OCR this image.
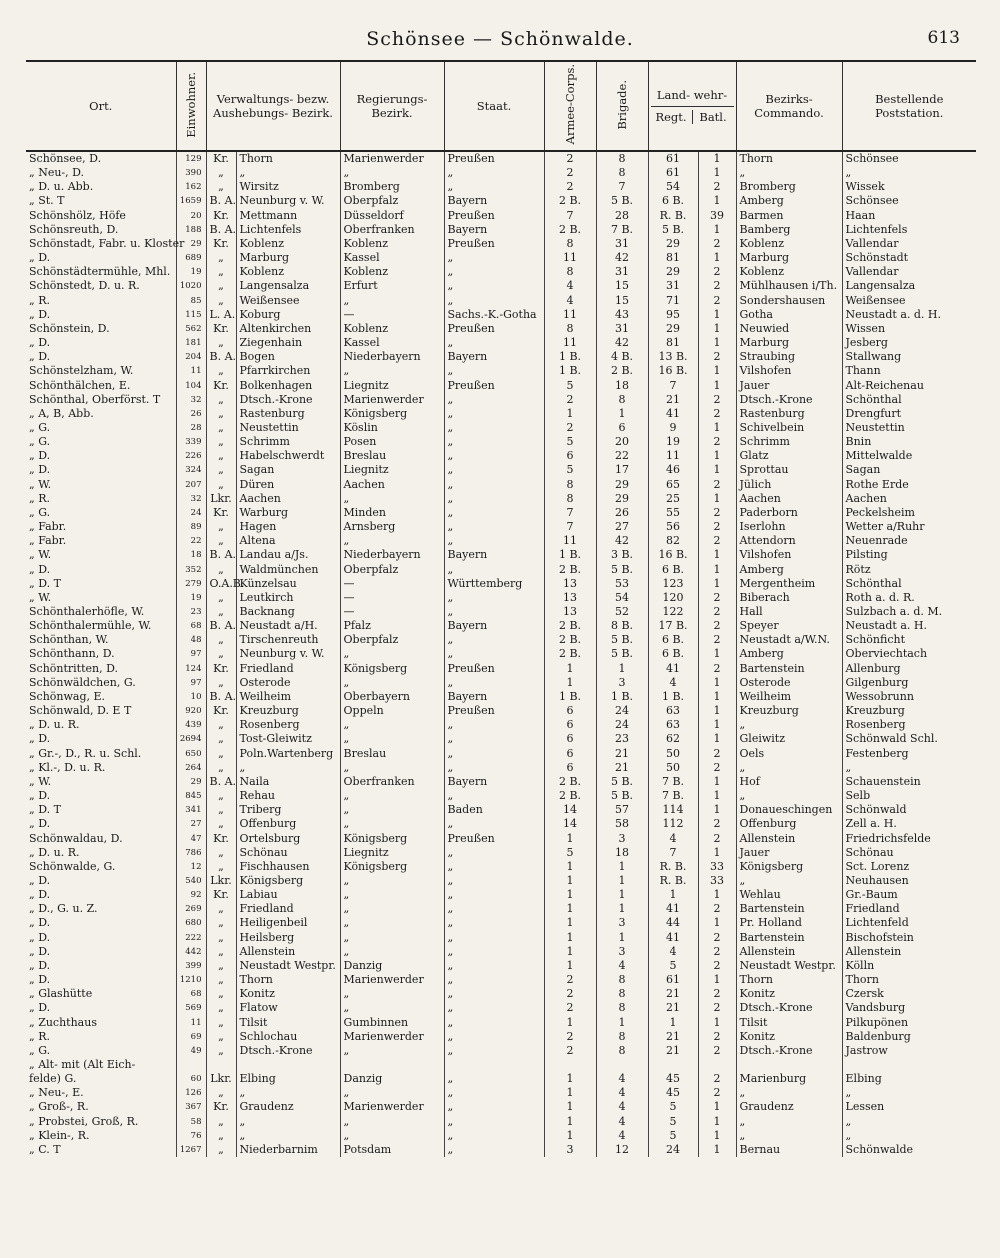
Schönsee — Schönwalde.	613
Ort.	Einwohner.	Verwaltungs- bezw. Aushebungs- Bezirk.		Regierungs- Bezirk.	Staat.	Armee-Corps.	Brigade.	Land- wehr-
Regt. Batl.		Bezirks- Commando.	Bestellende Poststation.
Schönsee, D.	129	Kr.	Thorn	Marienwerder	Preußen	2	8	61	1	Thorn	Schönsee
„ Neu-, D.	390	„	„	„	„	2	8	61	1	„	„
„ D. u. Abb.	162	„	Wirsitz	Bromberg	„	2	7	54	2	Bromberg	Wissek
„ St. T	1659	B. A.	Neunburg v. W.	Oberpfalz	Bayern	2 B.	5 B.	6 B.	1	Amberg	Schönsee
Schönshölz, Höfe	20	Kr.	Mettmann	Düsseldorf	Preußen	7	28	R. B.	39	Barmen	Haan
Schönsreuth, D.	188	B. A.	Lichtenfels	Oberfranken	Bayern	2 B.	7 B.	5 B.	1	Bamberg	Lichtenfels
Schönstadt, Fabr. u. Kloster	29	Kr.	Koblenz	Koblenz	Preußen	8	31	29	2	Koblenz	Vallendar
„ D.	689	„	Marburg	Kassel	„	11	42	81	1	Marburg	Schönstadt
Schönstädtermühle, Mhl.	19	„	Koblenz	Koblenz	„	8	31	29	2	Koblenz	Vallendar
Schönstedt, D. u. R.	1020	„	Langensalza	Erfurt	„	4	15	31	2	Mühlhausen i/Th.	Langensalza
„ R.	85	„	Weißensee	„	„	4	15	71	2	Sondershausen	Weißensee
„ D.	115	L. A.	Koburg	—	Sachs.-K.-Gotha	11	43	95	1	Gotha	Neustadt a. d. H.
Schönstein, D.	562	Kr.	Altenkirchen	Koblenz	Preußen	8	31	29	1	Neuwied	Wissen
„ D.	181	„	Ziegenhain	Kassel	„	11	42	81	1	Marburg	Jesberg
„ D.	204	B. A.	Bogen	Niederbayern	Bayern	1 B.	4 B.	13 B.	2	Straubing	Stallwang
Schönstelzham, W.	11	„	Pfarrkirchen	„	„	1 B.	2 B.	16 B.	1	Vilshofen	Thann
Schönthälchen, E.	104	Kr.	Bolkenhagen	Liegnitz	Preußen	5	18	7	1	Jauer	Alt-Reichenau
Schönthal, Oberförst. T	32	„	Dtsch.-Krone	Marienwerder	„	2	8	21	2	Dtsch.-Krone	Schönthal
„ A, B, Abb.	26	„	Rastenburg	Königsberg	„	1	1	41	2	Rastenburg	Drengfurt
„ G.	28	„	Neustettin	Köslin	„	2	6	9	1	Schivelbein	Neustettin
„ G.	339	„	Schrimm	Posen	„	5	20	19	2	Schrimm	Bnin
„ D.	226	„	Habelschwerdt	Breslau	„	6	22	11	1	Glatz	Mittelwalde
„ D.	324	„	Sagan	Liegnitz	„	5	17	46	1	Sprottau	Sagan
„ W.	207	„	Düren	Aachen	„	8	29	65	2	Jülich	Rothe Erde
„ R.	32	Lkr.	Aachen	„	„	8	29	25	1	Aachen	Aachen
„ G.	24	Kr.	Warburg	Minden	„	7	26	55	2	Paderborn	Peckelsheim
„ Fabr.	89	„	Hagen	Arnsberg	„	7	27	56	2	Iserlohn	Wetter a/Ruhr
„ Fabr.	22	„	Altena	„	„	11	42	82	2	Attendorn	Neuenrade
„ W.	18	B. A.	Landau a/Js.	Niederbayern	Bayern	1 B.	3 B.	16 B.	1	Vilshofen	Pilsting
„ D.	352	„	Waldmünchen	Oberpfalz	„	2 B.	5 B.	6 B.	1	Amberg	Rötz
„ D. T	279	O.A.B.	Künzelsau	—	Württemberg	13	53	123	1	Mergentheim	Schönthal
„ W.	19	„	Leutkirch	—	„	13	54	120	2	Biberach	Roth a. d. R.
Schönthalerhöfle, W.	23	„	Backnang	—	„	13	52	122	2	Hall	Sulzbach a. d. M.
Schönthalermühle, W.	68	B. A.	Neustadt a/H.	Pfalz	Bayern	2 B.	8 B.	17 B.	2	Speyer	Neustadt a. H.
Schönthan, W.	48	„	Tirschenreuth	Oberpfalz	„	2 B.	5 B.	6 B.	2	Neustadt a/W.N.	Schönficht
Schönthann, D.	97	„	Neunburg v. W.	„	„	2 B.	5 B.	6 B.	1	Amberg	Oberviechtach
Schöntritten, D.	124	Kr.	Friedland	Königsberg	Preußen	1	1	41	2	Bartenstein	Allenburg
Schönwäldchen, G.	97	„	Osterode	„	„	1	3	4	1	Osterode	Gilgenburg
Schönwag, E.	10	B. A.	Weilheim	Oberbayern	Bayern	1 B.	1 B.	1 B.	1	Weilheim	Wessobrunn
Schönwald, D. E T	920	Kr.	Kreuzburg	Oppeln	Preußen	6	24	63	1	Kreuzburg	Kreuzburg
„ D. u. R.	439	„	Rosenberg	„	„	6	24	63	1	„	Rosenberg
„ D.	2694	„	Tost-Gleiwitz	„	„	6	23	62	1	Gleiwitz	Schönwald Schl.
„ Gr.-, D., R. u. Schl.	650	„	Poln.Wartenberg	Breslau	„	6	21	50	2	Oels	Festenberg
„ Kl.-, D. u. R.	264	„	„	„	„	6	21	50	2	„	„
„ W.	29	B. A.	Naila	Oberfranken	Bayern	2 B.	5 B.	7 B.	1	Hof	Schauenstein
„ D.	845	„	Rehau	„	„	2 B.	5 B.	7 B.	1	„	Selb
„ D. T	341	„	Triberg	„	Baden	14	57	114	1	Donaueschingen	Schönwald
„ D.	27	„	Offenburg	„	„	14	58	112	2	Offenburg	Zell a. H.
Schönwaldau, D.	47	Kr.	Ortelsburg	Königsberg	Preußen	1	3	4	2	Allenstein	Friedrichsfelde
„ D. u. R.	786	„	Schönau	Liegnitz	„	5	18	7	1	Jauer	Schönau
Schönwalde, G.	12	„	Fischhausen	Königsberg	„	1	1	R. B.	33	Königsberg	Sct. Lorenz
„ D.	540	Lkr.	Königsberg	„	„	1	1	R. B.	33	„	Neuhausen
„ D.	92	Kr.	Labiau	„	„	1	1	1	1	Wehlau	Gr.-Baum
„ D., G. u. Z.	269	„	Friedland	„	„	1	1	41	2	Bartenstein	Friedland
„ D.	680	„	Heiligenbeil	„	„	1	3	44	1	Pr. Holland	Lichtenfeld
„ D.	222	„	Heilsberg	„	„	1	1	41	2	Bartenstein	Bischofstein
„ D.	442	„	Allenstein	„	„	1	3	4	2	Allenstein	Allenstein
„ D.	399	„	Neustadt Westpr.	Danzig	„	1	4	5	2	Neustadt Westpr.	Kölln
„ D.	1210	„	Thorn	Marienwerder	„	2	8	61	1	Thorn	Thorn
„ Glashütte	68	„	Konitz	„	„	2	8	21	2	Konitz	Czersk
„ D.	569	„	Flatow	„	„	2	8	21	2	Dtsch.-Krone	Vandsburg
„ Zuchthaus	11	„	Tilsit	Gumbinnen	„	1	1	1	1	Tilsit	Pilkupönen
„ R.	69	„	Schlochau	Marienwerder	„	2	8	21	2	Konitz	Baldenburg
„ G.	49	„	Dtsch.-Krone	„	„	2	8	21	2	Dtsch.-Krone	Jastrow
„ Alt- mit (Alt Eich-											
felde) G.	60	Lkr.	Elbing	Danzig	„	1	4	45	2	Marienburg	Elbing
„ Neu-, E.	126	„	„	„	„	1	4	45	2	„	„
„ Groß-, R.	367	Kr.	Graudenz	Marienwerder	„	1	4	5	1	Graudenz	Lessen
„ Probstei, Groß, R.	58	„	„	„	„	1	4	5	1	„	„
„ Klein-, R.	76	„	„	„	„	1	4	5	1	„	„
„ C. T	1267	„	Niederbarnim	Potsdam	„	3	12	24	1	Bernau	Schönwalde
